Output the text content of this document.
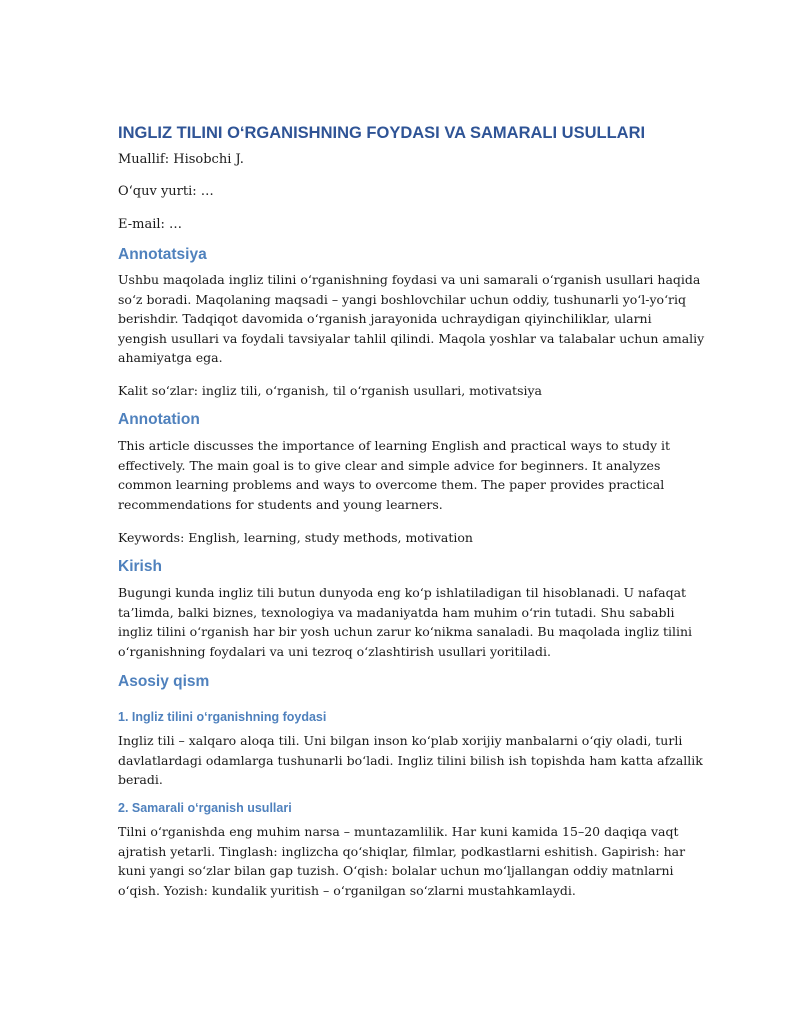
INGLIZ TILINI O‘RGANISHNING FOYDASI VA SAMARALI USULLARI
Muallif: Hisobchi J.
O‘quv yurti: …
E-mail: …
Annotatsiya
Ushbu maqolada ingliz tilini o‘rganishning foydasi va uni samarali o‘rganish usullari haqida
so‘z boradi. Maqolaning maqsadi – yangi boshlovchilar uchun oddiy, tushunarli yo‘l-yo‘riq
berishdir. Tadqiqot davomida o‘rganish jarayonida uchraydigan qiyinchiliklar, ularni
yengish usullari va foydali tavsiyalar tahlil qilindi. Maqola yoshlar va talabalar uchun amaliy
ahamiyatga ega.
Kalit so‘zlar: ingliz tili, o‘rganish, til o‘rganish usullari, motivatsiya
Annotation
This article discusses the importance of learning English and practical ways to study it
effectively. The main goal is to give clear and simple advice for beginners. It analyzes
common learning problems and ways to overcome them. The paper provides practical
recommendations for students and young learners.
Keywords: English, learning, study methods, motivation
Kirish
Bugungi kunda ingliz tili butun dunyoda eng ko‘p ishlatiladigan til hisoblanadi. U nafaqat
ta’limda, balki biznes, texnologiya va madaniyatda ham muhim o‘rin tutadi. Shu sababli
ingliz tilini o‘rganish har bir yosh uchun zarur ko‘nikma sanaladi. Bu maqolada ingliz tilini
o‘rganishning foydalari va uni tezroq o‘zlashtirish usullari yoritiladi.
Asosiy qism
1. Ingliz tilini o‘rganishning foydasi
Ingliz tili – xalqaro aloqa tili. Uni bilgan inson ko‘plab xorijiy manbalarni o‘qiy oladi, turli
davlatlardagi odamlarga tushunarli bo‘ladi. Ingliz tilini bilish ish topishda ham katta afzallik
beradi.
2. Samarali o‘rganish usullari
Tilni o‘rganishda eng muhim narsa – muntazamlilik. Har kuni kamida 15–20 daqiqa vaqt
ajratish yetarli. Tinglash: inglizcha qo‘shiqlar, filmlar, podkastlarni eshitish. Gapirish: har
kuni yangi so‘zlar bilan gap tuzish. O‘qish: bolalar uchun mo‘ljallangan oddiy matnlarni
o‘qish. Yozish: kundalik yuritish – o‘rganilgan so‘zlarni mustahkamlaydi.
